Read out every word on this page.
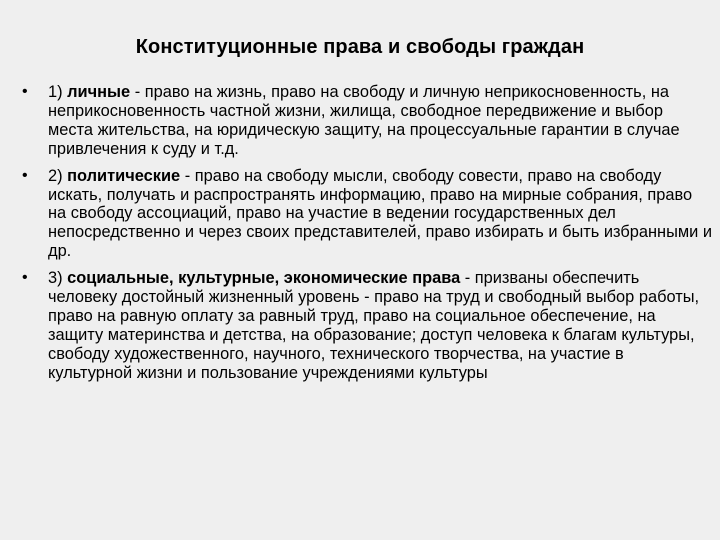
Конституционные права и свободы граждан
• 1) личные - право на жизнь, право на свободу и личную неприкосновенность, на неприкосновенность частной жизни, жилища, свободное передвижение и выбор места жительства, на юридическую защиту, на процессуальные гарантии в случае привлечения к суду и т.д.
• 2) политические - право на свободу мысли, свободу совести, право на свободу искать, получать и распространять информацию, право на мирные собрания, право на свободу ассоциаций, право на участие в ведении государственных дел непосредственно и через своих представителей, право избирать и быть избранными и др.
• 3) социальные, культурные, экономические права - призваны обеспечить человеку достойный жизненный уровень - право на труд и свободный выбор работы, право на равную оплату за равный труд, право на социальное обеспечение, на защиту материнства и детства, на образование; доступ человека к благам культуры, свободу художественного, научного, технического творчества, на участие в культурной жизни и пользование учреждениями культуры
